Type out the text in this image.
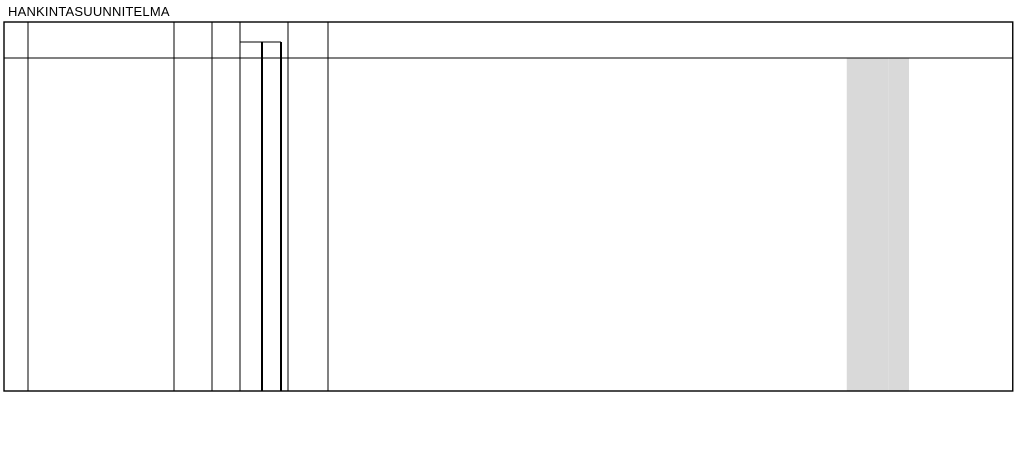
HANKINTASUUNNITELMA
